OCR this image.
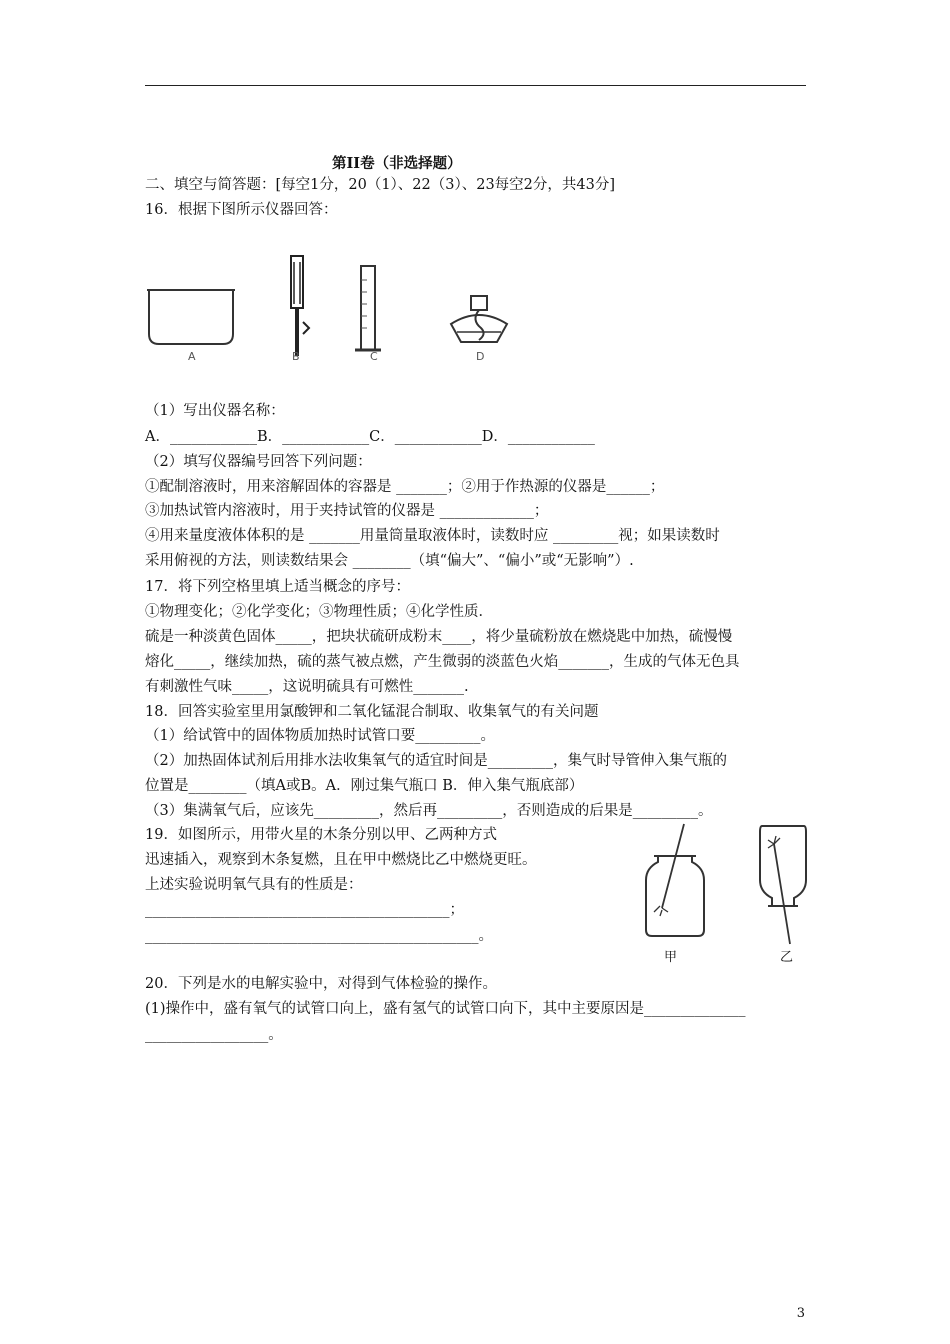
第II卷（非选择题）
二、填空与简答题：[每空1分，20（1）、22（3）、23每空2分，共43分]
16．根据下图所示仪器回答：
A	B	C	D
（1）写出仪器名称：
A．____________B．____________C．____________D．____________
（2）填写仪器编号回答下列问题：
①配制溶液时，用来溶解固体的容器是 _______；②用于作热源的仪器是______；
③加热试管内溶液时，用于夹持试管的仪器是 _____________；
④用来量度液体体积的是 _______用量筒量取液体时，读数时应 _________视；如果读数时
采用俯视的方法，则读数结果会 ________（填“偏大”、“偏小”或“无影响”）.
17．将下列空格里填上适当概念的序号：
①物理变化；②化学变化；③物理性质；④化学性质．
硫是一种淡黄色固体_____，把块状硫研成粉末____，将少量硫粉放在燃烧匙中加热，硫慢慢
熔化_____，继续加热，硫的蒸气被点燃，产生微弱的淡蓝色火焰_______，生成的气体无色具
有刺激性气味_____，这说明硫具有可燃性_______.
18．回答实验室里用氯酸钾和二氧化锰混合制取、收集氧气的有关问题
（1）给试管中的固体物质加热时试管口要_________。
（2）加热固体试剂后用排水法收集氧气的适宜时间是_________，集气时导管伸入集气瓶的
位置是________（填A或B。A．刚过集气瓶口 B．伸入集气瓶底部）
（3）集满氧气后，应该先_________，然后再_________，否则造成的后果是_________。
19．如图所示，用带火星的木条分别以甲、乙两种方式
迅速插入，观察到木条复燃，且在甲中燃烧比乙中燃烧更旺。
上述实验说明氧气具有的性质是：
__________________________________________；
______________________________________________。
甲	乙
20．下列是水的电解实验中，对得到气体检验的操作。
(1)操作中，盛有氧气的试管口向上，盛有氢气的试管口向下，其中主要原因是______________
_________________。
3
